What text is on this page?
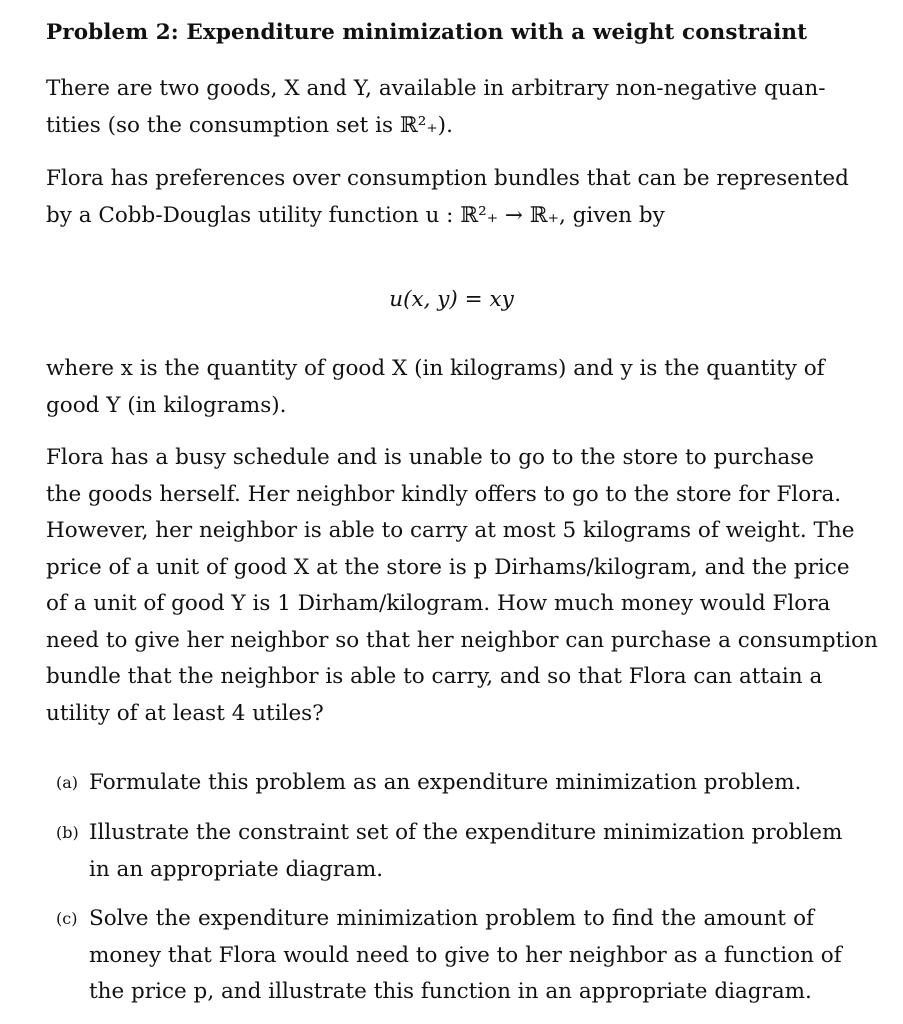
Problem 2: Expenditure minimization with a weight constraint
There are two goods, X and Y, available in arbitrary non-negative quan-
tities (so the consumption set is ℝ²₊).
Flora has preferences over consumption bundles that can be represented
by a Cobb-Douglas utility function u : ℝ²₊ → ℝ₊, given by
u(x, y) = xy
where x is the quantity of good X (in kilograms) and y is the quantity of
good Y (in kilograms).
Flora has a busy schedule and is unable to go to the store to purchase
the goods herself. Her neighbor kindly offers to go to the store for Flora.
However, her neighbor is able to carry at most 5 kilograms of weight. The
price of a unit of good X at the store is p Dirhams/kilogram, and the price
of a unit of good Y is 1 Dirham/kilogram. How much money would Flora
need to give her neighbor so that her neighbor can purchase a consumption
bundle that the neighbor is able to carry, and so that Flora can attain a
utility of at least 4 utiles?
(a) Formulate this problem as an expenditure minimization problem.
(b) Illustrate the constraint set of the expenditure minimization problem
in an appropriate diagram.
(c) Solve the expenditure minimization problem to find the amount of
money that Flora would need to give to her neighbor as a function of
the price p, and illustrate this function in an appropriate diagram.
